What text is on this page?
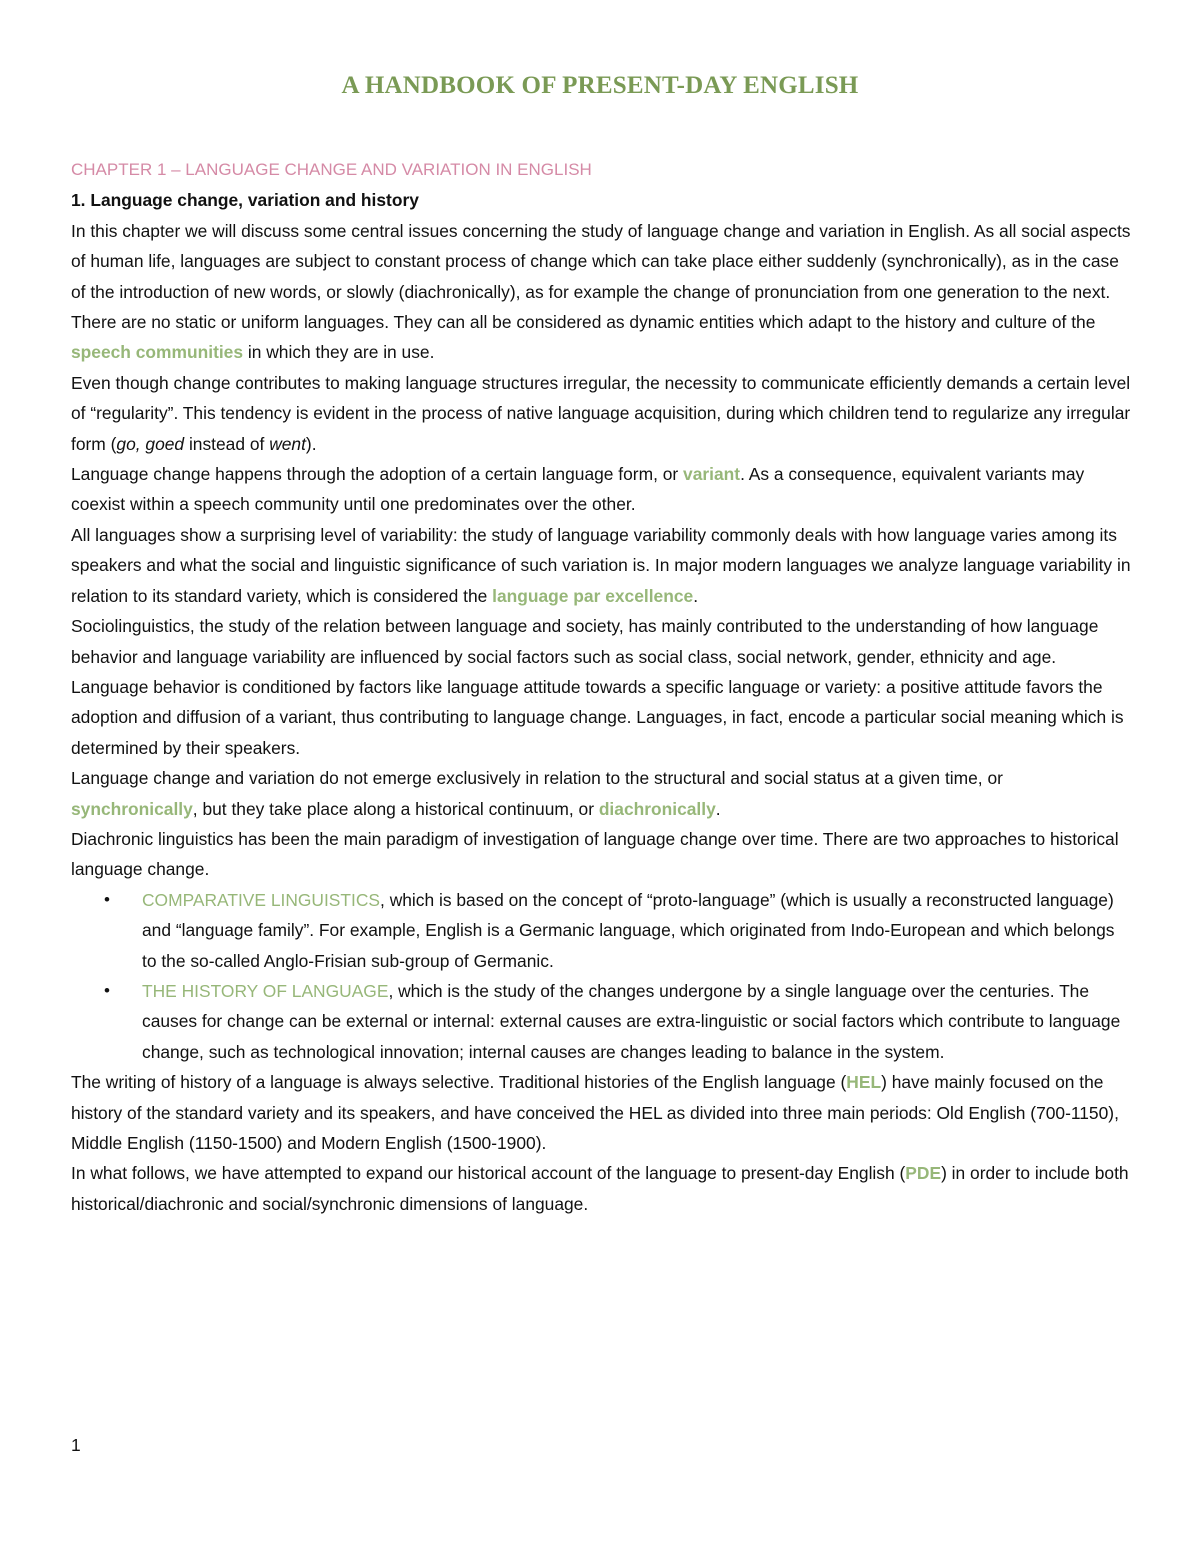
A HANDBOOK OF PRESENT-DAY ENGLISH

CHAPTER 1 – LANGUAGE CHANGE AND VARIATION IN ENGLISH

1. Language change, variation and history

In this chapter we will discuss some central issues concerning the study of language change and variation in English. As all social aspects of human life, languages are subject to constant process of change which can take place either suddenly (synchronically), as in the case of the introduction of new words, or slowly (diachronically), as for example the change of pronunciation from one generation to the next.

There are no static or uniform languages. They can all be considered as dynamic entities which adapt to the history and culture of the speech communities in which they are in use.

Even though change contributes to making language structures irregular, the necessity to communicate efficiently demands a certain level of “regularity”. This tendency is evident in the process of native language acquisition, during which children tend to regularize any irregular form (go, goed instead of went).

Language change happens through the adoption of a certain language form, or variant. As a consequence, equivalent variants may coexist within a speech community until one predominates over the other.

All languages show a surprising level of variability: the study of language variability commonly deals with how language varies among its speakers and what the social and linguistic significance of such variation is. In major modern languages we analyze language variability in relation to its standard variety, which is considered the language par excellence.

Sociolinguistics, the study of the relation between language and society, has mainly contributed to the understanding of how language behavior and language variability are influenced by social factors such as social class, social network, gender, ethnicity and age.

Language behavior is conditioned by factors like language attitude towards a specific language or variety: a positive attitude favors the adoption and diffusion of a variant, thus contributing to language change. Languages, in fact, encode a particular social meaning which is determined by their speakers.

Language change and variation do not emerge exclusively in relation to the structural and social status at a given time, or synchronically, but they take place along a historical continuum, or diachronically.

Diachronic linguistics has been the main paradigm of investigation of language change over time. There are two approaches to historical language change.

• COMPARATIVE LINGUISTICS, which is based on the concept of “proto-language” (which is usually a reconstructed language) and “language family”. For example, English is a Germanic language, which originated from Indo-European and which belongs to the so-called Anglo-Frisian sub-group of Germanic.
• THE HISTORY OF LANGUAGE, which is the study of the changes undergone by a single language over the centuries. The causes for change can be external or internal: external causes are extra-linguistic or social factors which contribute to language change, such as technological innovation; internal causes are changes leading to balance in the system.

The writing of history of a language is always selective. Traditional histories of the English language (HEL) have mainly focused on the history of the standard variety and its speakers, and have conceived the HEL as divided into three main periods: Old English (700-1150), Middle English (1150-1500) and Modern English (1500-1900).

In what follows, we have attempted to expand our historical account of the language to present-day English (PDE) in order to include both historical/diachronic and social/synchronic dimensions of language.

1
